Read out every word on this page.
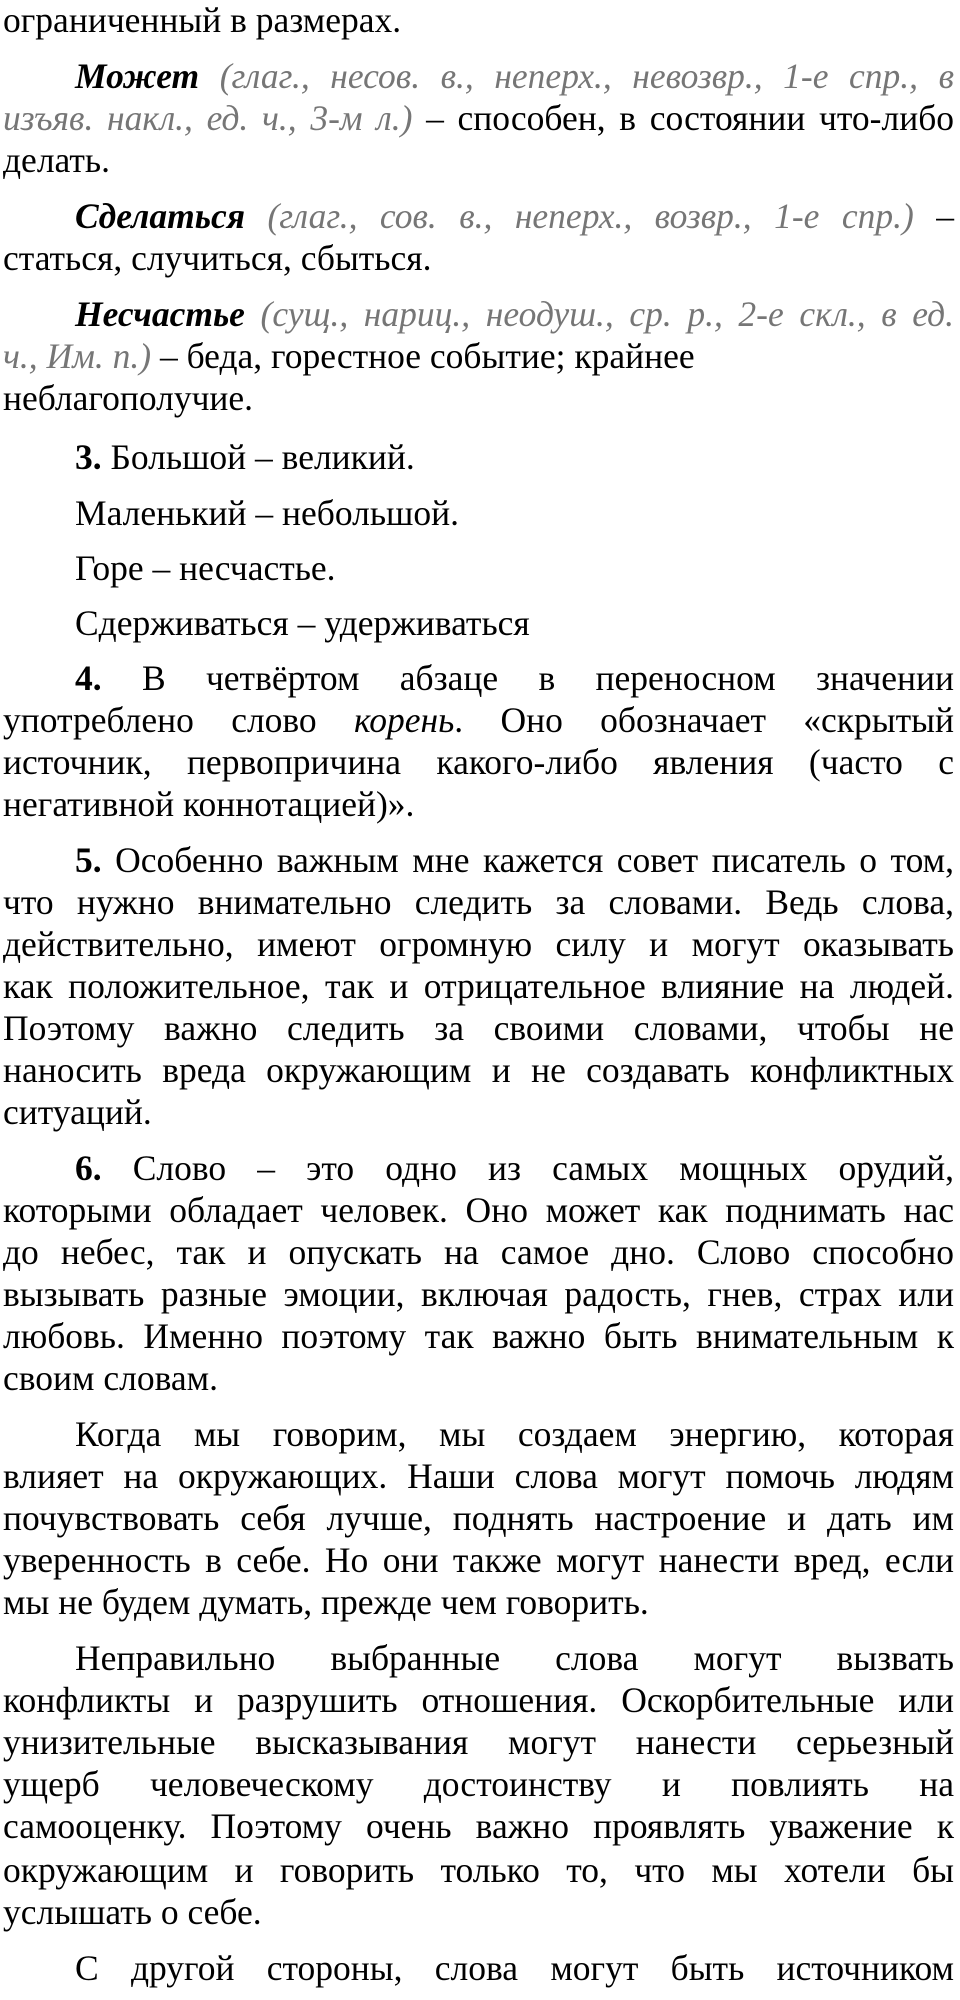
ограниченный в размерах.
Может (глаг., несов. в., неперх., невозвр., 1-е спр., в
изъяв. накл., ед. ч., 3-м л.) – способен, в состоянии что-либо
делать.
Сделаться (глаг., сов. в., неперх., возвр., 1-е спр.) –
статься, случиться, сбыться.
Несчастье (сущ., нариц., неодуш., ср. р., 2-е скл., в ед.
ч., Им. п.) – беда, горестное событие; крайнее
неблагополучие.
3. Большой – великий.
Маленький – небольшой.
Горе – несчастье.
Сдерживаться – удерживаться
4. В четвёртом абзаце в переносном значении
употреблено слово корень. Оно обозначает «скрытый
источник, первопричина какого-либо явления (часто с
негативной коннотацией)».
5. Особенно важным мне кажется совет писатель о том,
что нужно внимательно следить за словами. Ведь слова,
действительно, имеют огромную силу и могут оказывать
как положительное, так и отрицательное влияние на людей.
Поэтому важно следить за своими словами, чтобы не
наносить вреда окружающим и не создавать конфликтных
ситуаций.
6. Слово – это одно из самых мощных орудий,
которыми обладает человек. Оно может как поднимать нас
до небес, так и опускать на самое дно. Слово способно
вызывать разные эмоции, включая радость, гнев, страх или
любовь. Именно поэтому так важно быть внимательным к
своим словам.
Когда мы говорим, мы создаем энергию, которая
влияет на окружающих. Наши слова могут помочь людям
почувствовать себя лучше, поднять настроение и дать им
уверенность в себе. Но они также могут нанести вред, если
мы не будем думать, прежде чем говорить.
Неправильно выбранные слова могут вызвать
конфликты и разрушить отношения. Оскорбительные или
унизительные высказывания могут нанести серьезный
ущерб человеческому достоинству и повлиять на
самооценку. Поэтому очень важно проявлять уважение к
окружающим и говорить только то, что мы хотели бы
услышать о себе.
С другой стороны, слова могут быть источником
